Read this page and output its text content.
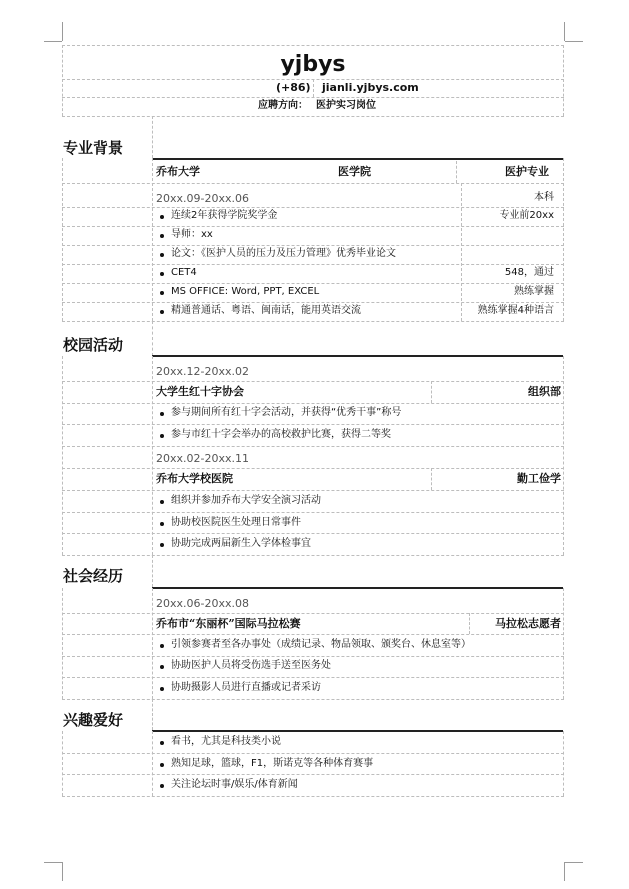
yjbys
(+86) jianli.yjbys.com
应聘方向： 医护实习岗位
专业背景
乔布大学	医学院	医护专业
20xx.09-20xx.06	本科
连续2年获得学院奖学金	专业前20xx
导师：xx
论文：《医护人员的压力及压力管理》优秀毕业论文
CET4	548，通过
MS OFFICE: Word, PPT, EXCEL	熟练掌握
精通普通话、粤语、闽南话，能用英语交流	熟练掌握4种语言
校园活动
20xx.12-20xx.02
大学生红十字协会	组织部
参与期间所有红十字会活动，并获得“优秀干事”称号
参与市红十字会举办的高校救护比赛，获得二等奖
20xx.02-20xx.11
乔布大学校医院	勤工俭学
组织并参加乔布大学安全演习活动
协助校医院医生处理日常事件
协助完成两届新生入学体检事宜
社会经历
20xx.06-20xx.08
乔布市“东丽杯”国际马拉松赛	马拉松志愿者
引领参赛者至各办事处（成绩记录、物品领取、颁奖台、休息室等）
协助医护人员将受伤选手送至医务处
协助摄影人员进行直播或记者采访
兴趣爱好
看书，尤其是科技类小说
熟知足球，篮球，F1，斯诺克等各种体育赛事
关注论坛时事/娱乐/体育新闻
